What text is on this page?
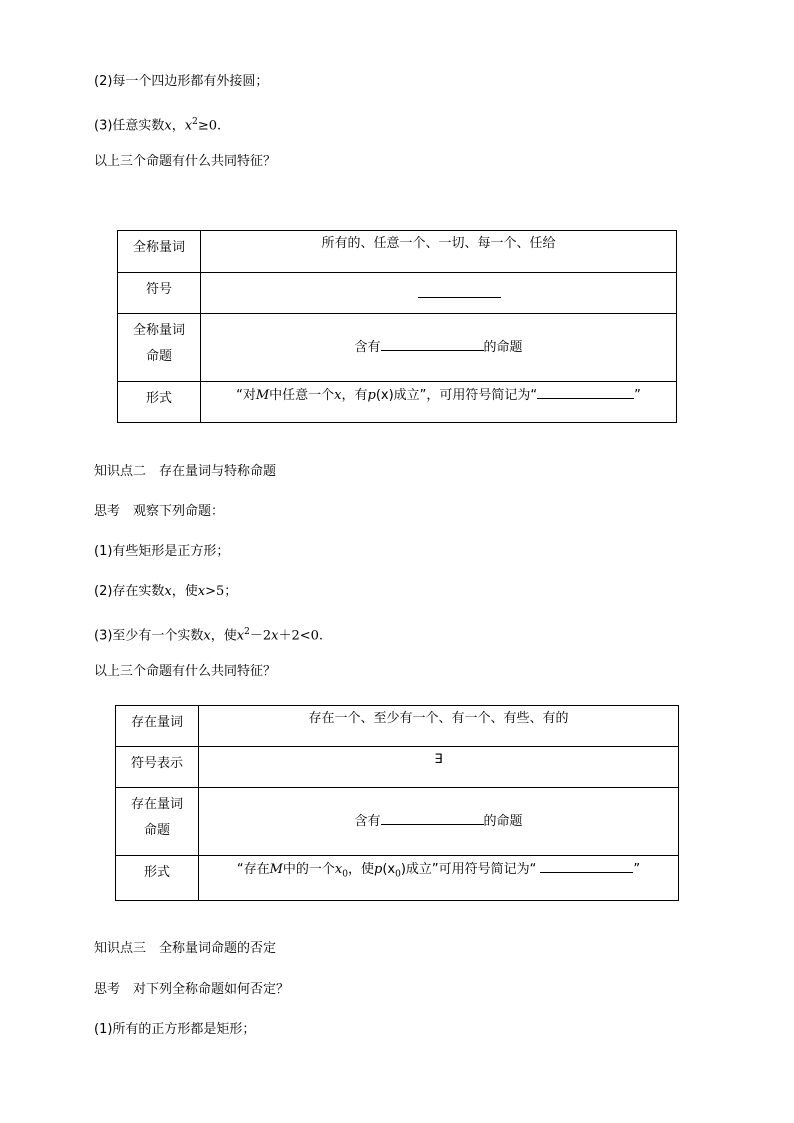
(2)每一个四边形都有外接圆；
(3)任意实数x，$x^2\ge 0$.
以上三个命题有什么共同特征？
全称量词	所有的、任意一个、一切、每一个、任给
符号	
全称量词
命题	含有 的命题
形式	“对M中任意一个x，有p(x)成立”，可用符号简记为“ ”
知识点二　存在量词与特称命题
思考　观察下列命题：
(1)有些矩形是正方形；
(2)存在实数x，使x>5；
(3)至少有一个实数x，使$x^2-2x+2<0$.
以上三个命题有什么共同特征？
存在量词	存在一个、至少有一个、有一个、有些、有的
符号表示	∃
存在量词
命题	含有 的命题
形式	“存在M中的一个$x_0$，使$p(x_0)$成立”可用符号简记为“ ”
知识点三　全称量词命题的否定
思考　对下列全称命题如何否定？
(1)所有的正方形都是矩形；
